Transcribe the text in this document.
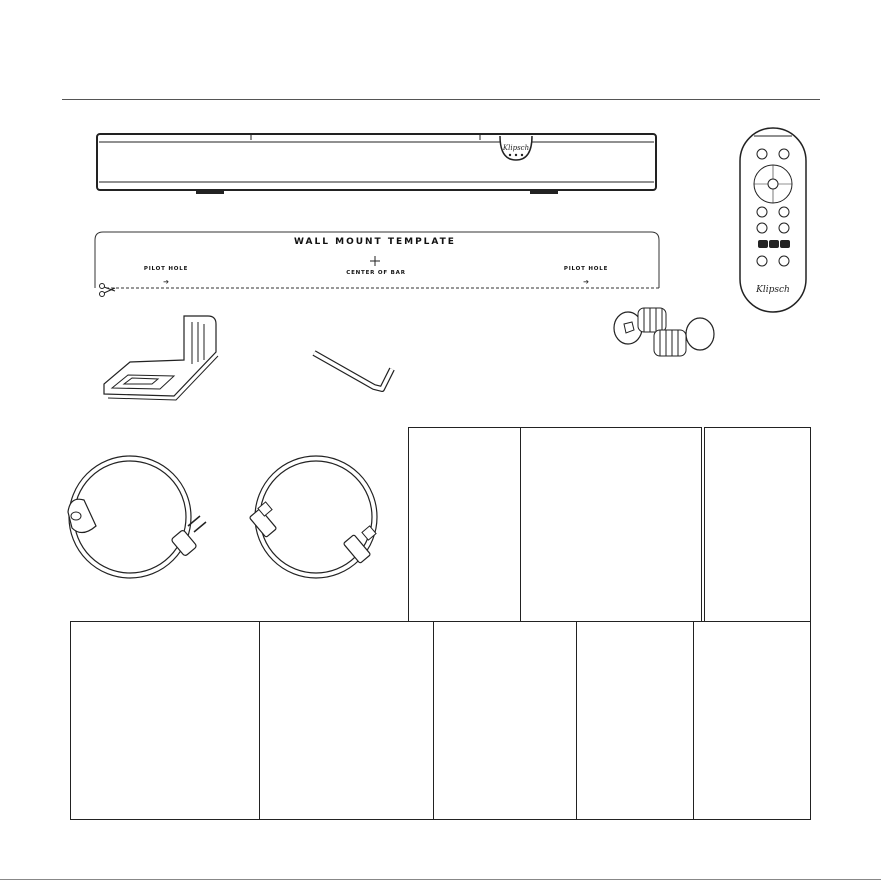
Klipsch
➔	➔
WALL MOUNT TEMPLATE
PILOT HOLE
CENTER OF BAR
PILOT HOLE
Klipsch
